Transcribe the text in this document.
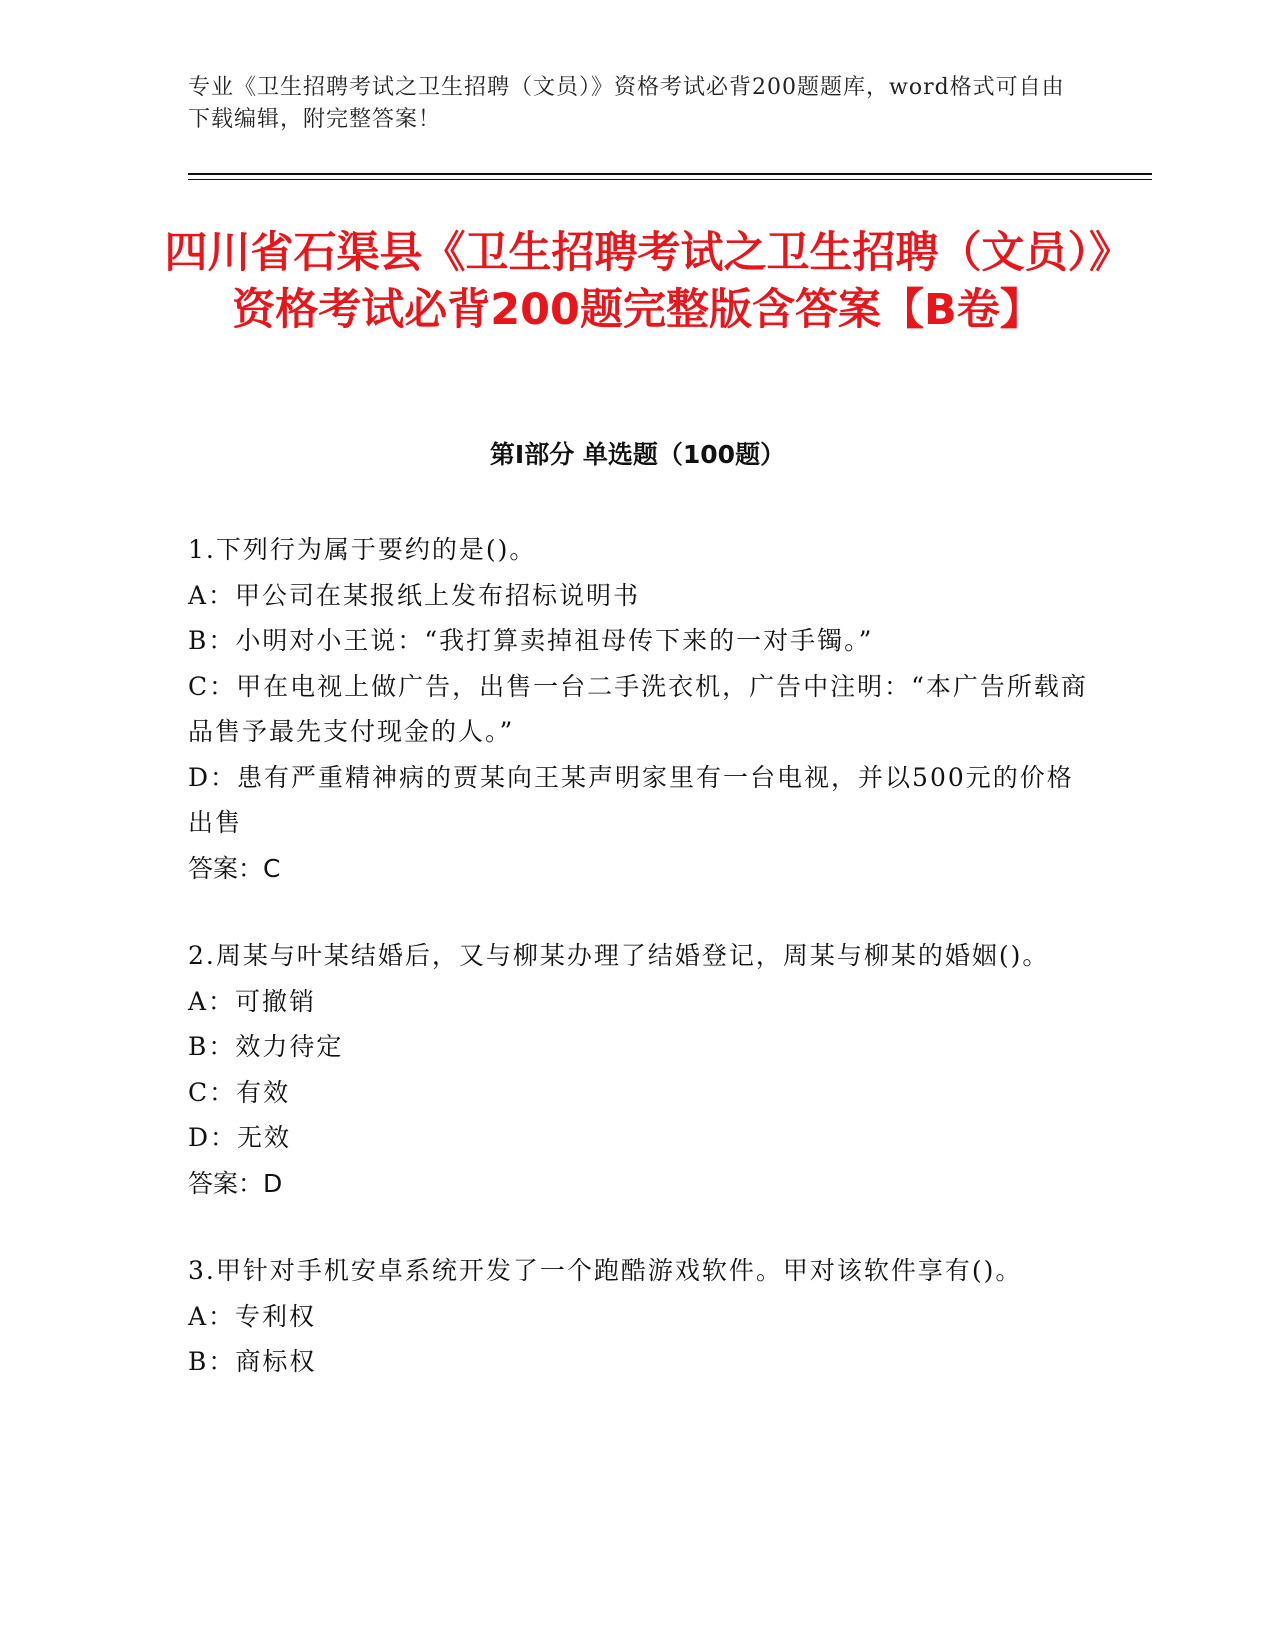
专业《卫生招聘考试之卫生招聘（文员）》资格考试必背200题题库，word格式可自由下载编辑，附完整答案！
四川省石渠县《卫生招聘考试之卫生招聘（文员）》资格考试必背200题完整版含答案【B卷】
第Ⅰ部分 单选题（100题）

1.下列行为属于要约的是()。

A：甲公司在某报纸上发布招标说明书

B：小明对小王说：“我打算卖掉祖母传下来的一对手镯。”

C：甲在电视上做广告，出售一台二手洗衣机，广告中注明：“本广告所载商品售予最先支付现金的人。”

D：患有严重精神病的贾某向王某声明家里有一台电视，并以500元的价格出售

答案：C

2.周某与叶某结婚后，又与柳某办理了结婚登记，周某与柳某的婚姻()。

A：可撤销

B：效力待定

C：有效

D：无效

答案：D

3.甲针对手机安卓系统开发了一个跑酷游戏软件。甲对该软件享有()。

A：专利权

B：商标权
